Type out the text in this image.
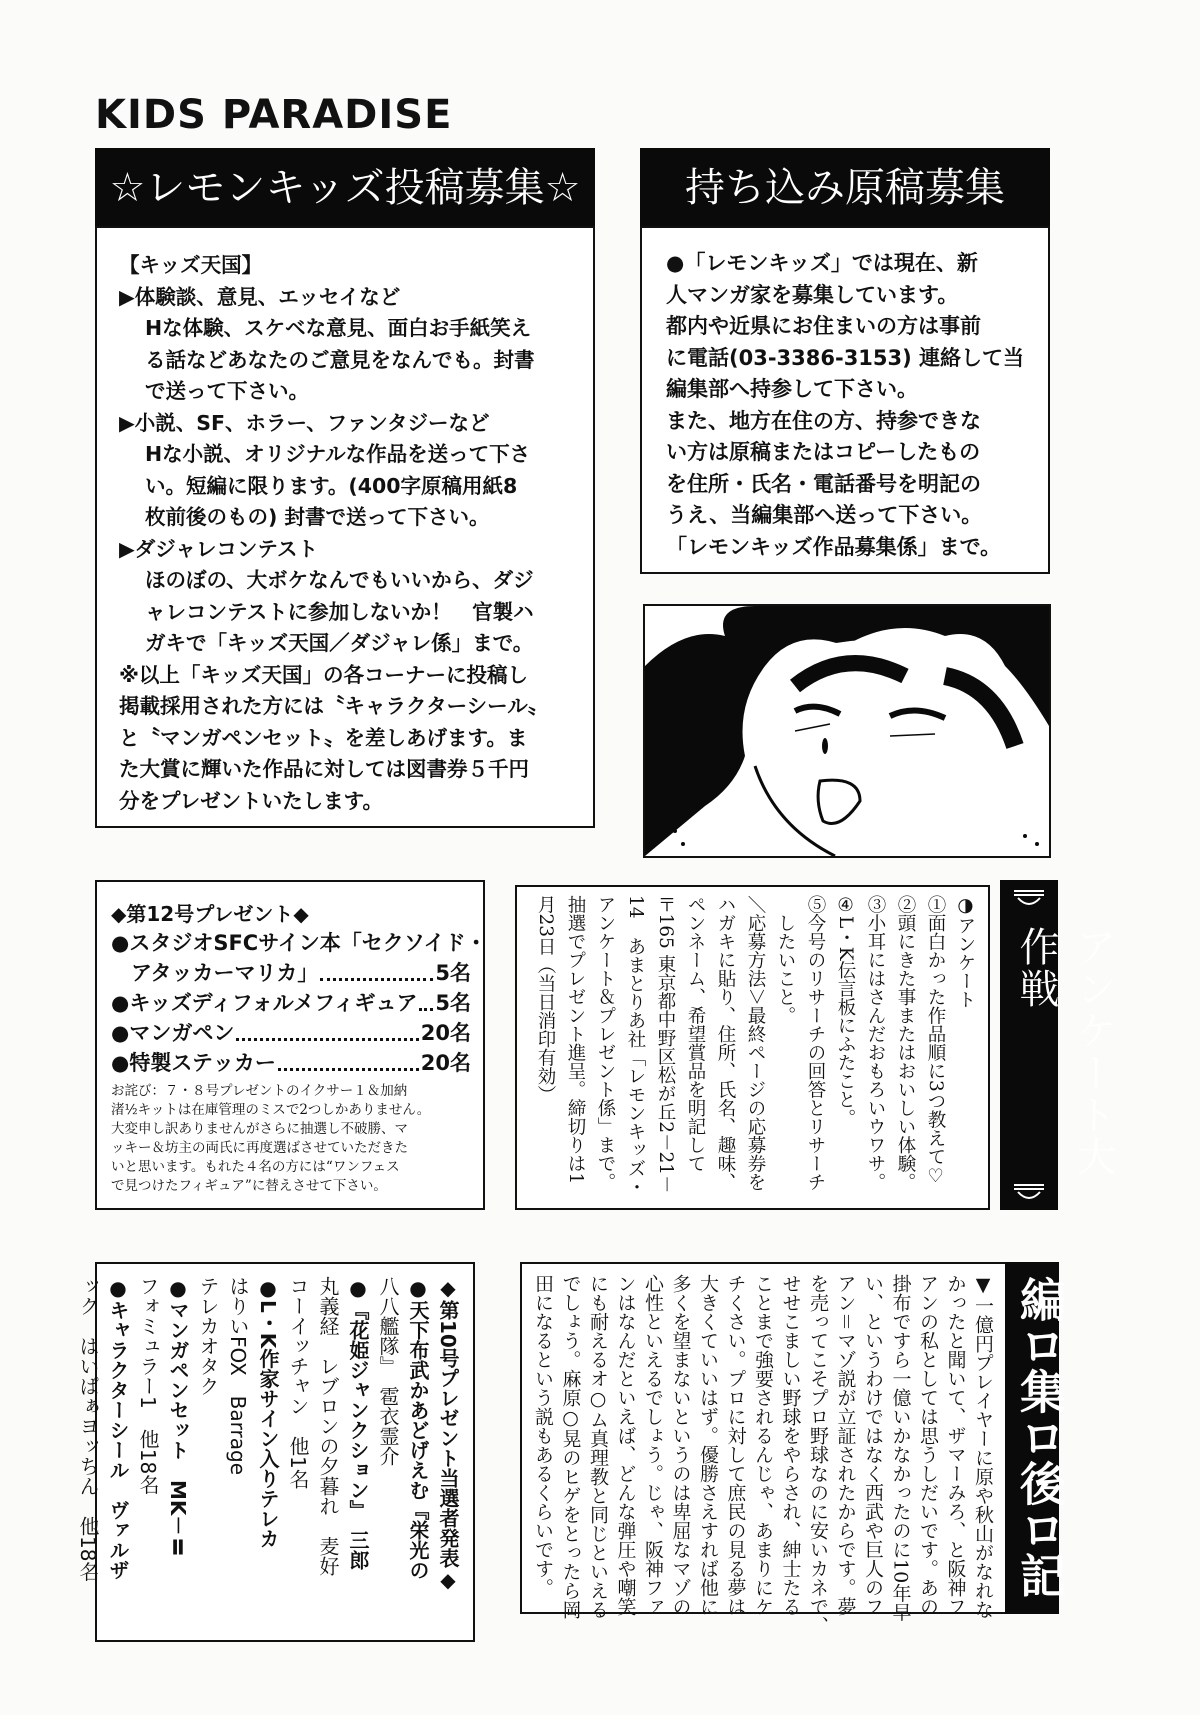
KIDS PARADISE
☆レモンキッズ投稿募集☆
【キッズ天国】
▶体験談、意見、エッセイなど
Hな体験、スケベな意見、面白お手紙笑え
る話などあなたのご意見をなんでも。封書
で送って下さい。
▶小説、SF、ホラー、ファンタジーなど
Hな小説、オリジナルな作品を送って下さ
い。短編に限ります。(400字原稿用紙8
枚前後のもの) 封書で送って下さい。
▶ダジャレコンテスト
ほのぼの、大ボケなんでもいいから、ダジ
ャレコンテストに参加しないか！　官製ハ
ガキで「キッズ天国／ダジャレ係」まで。
※以上「キッズ天国」の各コーナーに投稿し
掲載採用された方には〝キャラクターシール〟
と〝マンガペンセット〟を差しあげます。ま
た大賞に輝いた作品に対しては図書券５千円
分をプレゼントいたします。
持ち込み原稿募集
●「レモンキッズ」では現在、新
人マンガ家を募集しています。
都内や近県にお住まいの方は事前
に電話(03-3386-3153) 連絡して当
編集部へ持参して下さい。
また、地方在住の方、持参できな
い方は原稿またはコピーしたもの
を住所・氏名・電話番号を明記の
うえ、当編集部へ送って下さい。
「レモンキッズ作品募集係」まで。
◆第12号プレゼント◆
●スタジオSFCサイン本「セクソイド・
アタッカーマリカ」	5名
●キッズディフォルメフィギュア 5名
●マンガペン	20名
●特製ステッカー	20名
お詫び：７・８号プレゼントのイクサー１＆加納
渚½キットは在庫管理のミスで2つしかありません。
大変申し訳ありませんがさらに抽選し不破勝、マ
ッキー＆坊主の両氏に再度選ばさせていただきた
いと思います。もれた４名の方には“ワンフェス
で見つけたフィギュア”に替えさせて下さい。
◑アンケート
①面白かった作品順に3つ教えて♡
②頭にきた事またはおいしい体験。
③小耳にはさんだおもろいウワサ。
④L・K伝言板にふたこと。
⑤今号のリサーチの回答とリサーチ
　したいこと。
＼応募方法＞最終ページの応募券を
ハガキに貼り、住所、氏名、趣味、
ペンネーム、希望賞品を明記して
〒165 東京都中野区松が丘2－21－
14　あまとりあ社「レモンキッズ・
アンケート＆プレゼント係」まで。
抽選でプレゼント進呈。締切りは1
月23日（当日消印有効）	アンケート大作戦
◆第10号プレゼント当選者発表◆
●天下布武かあどげえむ『栄光の
八八艦隊』　雹衣霊介
●『花姫ジャンクション』　三郎
丸義経　レブロンの夕暮れ　麦好
コーイッチャン　他1名
●L・K作家サイン入りテレカ
はりいFOX　Barrage
テレカオタク
●マンガペンセット　MK－Ⅱ
フォミュラー1　他18名
●キャラクターシール　ヴァルザ
ック　はいぱぁヨッちん　他18名	▼一億円プレイヤーに原や秋山がなれな
かったと聞いて、ザマーみろ、と阪神フ
アンの私としては思うしだいです。あの
掛布ですら一億いかなかったのに10年早
い、というわけではなく西武や巨人のフ
アン＝マゾ説が立証されたからです。夢
を売ってこそプロ野球なのに安いカネで、
せせこましい野球をやらされ、紳士たる
ことまで強要されるんじゃ、あまりにケ
チくさい。プロに対して庶民の見る夢は
大きくていいはず。優勝さえすれば他に
多くを望まないというのは卑屈なマゾの
心性といえるでしょう。じゃ、阪神ファ
ンはなんだといえば、どんな弾圧や嘲笑
にも耐えるオ○ム真理教と同じといえる
でしょう。麻原○晃のヒゲをとったら岡
田になるという説もあるくらいです。	編ロ集ロ後ロ記
